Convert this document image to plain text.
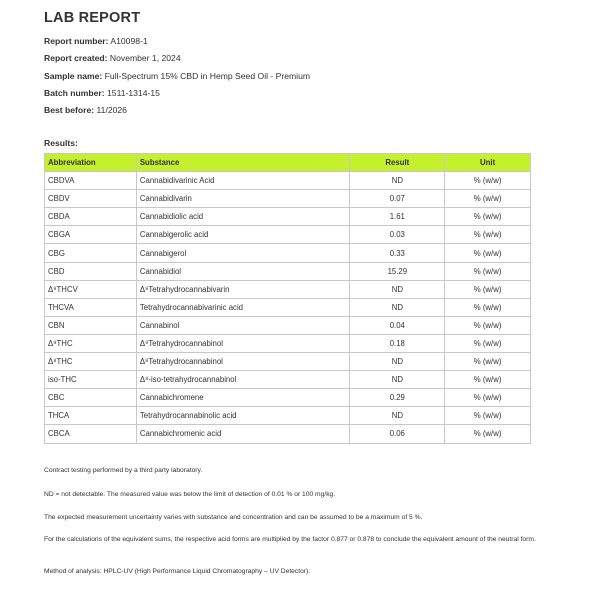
LAB REPORT
Report number: A10098-1
Report created: November 1, 2024
Sample name: Full-Spectrum 15% CBD in Hemp Seed Oil - Premium
Batch number: 1511-1314-15
Best before: 11/2026
Results:
Abbreviation	Substance	Result	Unit
CBDVA	Cannabidivarinic Acid	ND	% (w/w)
CBDV	Cannabidivarin	0.07	% (w/w)
CBDA	Cannabidiolic acid	1.61	% (w/w)
CBGA	Cannabigerolic acid	0.03	% (w/w)
CBG	Cannabigerol	0.33	% (w/w)
CBD	Cannabidiol	15.29	% (w/w)
Δ⁹THCV	Δ⁹Tetrahydrocannabivarin	ND	% (w/w)
THCVA	Tetrahydrocannabivarinic acid	ND	% (w/w)
CBN	Cannabinol	0.04	% (w/w)
Δ⁹THC	Δ⁹Tetrahydrocannabinol	0.18	% (w/w)
Δ⁸THC	Δ⁸Tetrahydrocannabinol	ND	% (w/w)
iso-THC	Δ⁸-iso-tetrahydrocannabinol	ND	% (w/w)
CBC	Cannabichromene	0.29	% (w/w)
THCA	Tetrahydrocannabinolic acid	ND	% (w/w)
CBCA	Cannabichromenic acid	0.06	% (w/w)

Contract testing performed by a third party laboratory.

ND = not detectable. The measured value was below the limit of detection of 0.01 % or 100 mg/kg.

The expected measurement uncertainty varies with substance and concentration and can be assumed to be a maximum of 5 %.

For the calculations of the equivalent sums, the respective acid forms are multiplied by the factor 0.877 or 0.878 to conclude the equivalent amount of the neutral form.

Method of analysis: HPLC-UV (High Performance Liquid Chromatography – UV Detector).
